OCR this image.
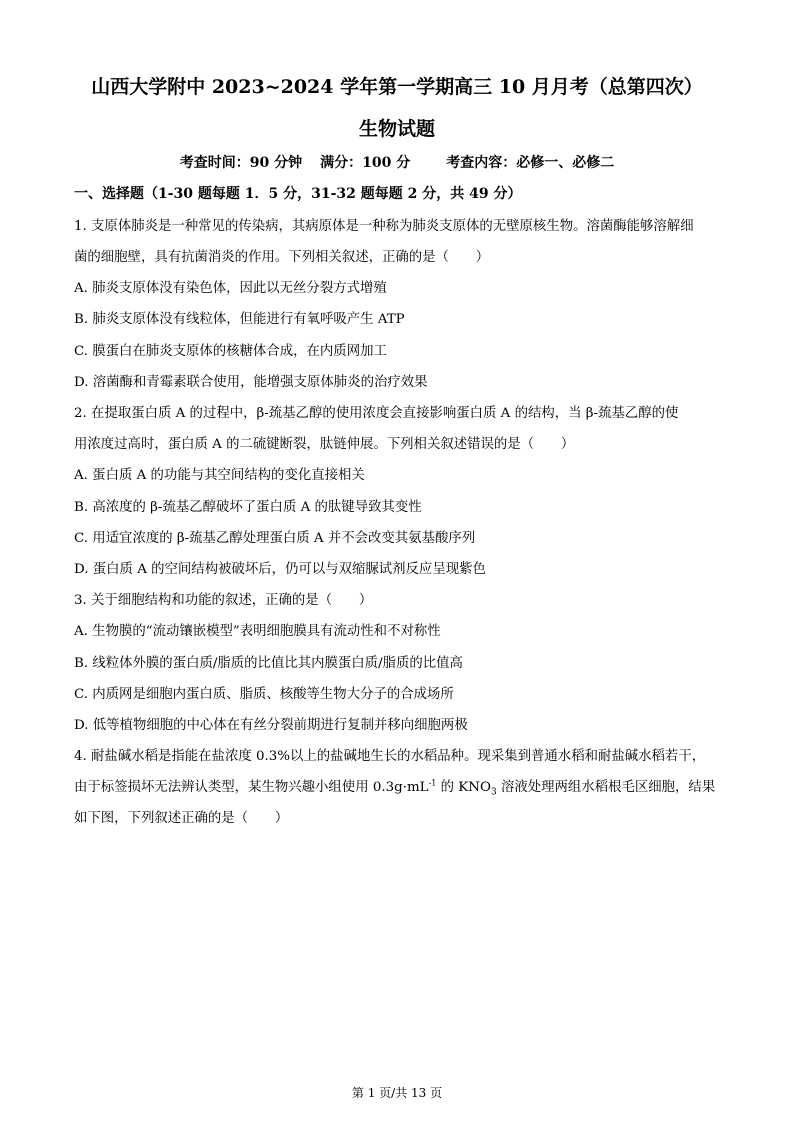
山西大学附中 2023~2024 学年第一学期高三 10 月月考（总第四次）
生物试题
考查时间：90 分钟 满分：100 分	考查内容：必修一、必修二
一、选择题（1-30 题每题 1．5 分，31-32 题每题 2 分，共 49 分）
1. 支原体肺炎是一种常见的传染病，其病原体是一种称为肺炎支原体的无壁原核生物。溶菌酶能够溶解细
菌的细胞壁，具有抗菌消炎的作用。下列相关叙述，正确的是（　　）
A. 肺炎支原体没有染色体，因此以无丝分裂方式增殖
B. 肺炎支原体没有线粒体，但能进行有氧呼吸产生 ATP
C. 膜蛋白在肺炎支原体的核糖体合成，在内质网加工
D. 溶菌酶和青霉素联合使用，能增强支原体肺炎的治疗效果
2. 在提取蛋白质 A 的过程中，β-巯基乙醇的使用浓度会直接影响蛋白质 A 的结构，当 β-巯基乙醇的使
用浓度过高时，蛋白质 A 的二硫键断裂，肽链伸展。下列相关叙述错误的是（　　）
A. 蛋白质 A 的功能与其空间结构的变化直接相关
B. 高浓度的 β-巯基乙醇破坏了蛋白质 A 的肽键导致其变性
C. 用适宜浓度的 β-巯基乙醇处理蛋白质 A 并不会改变其氨基酸序列
D. 蛋白质 A 的空间结构被破坏后，仍可以与双缩脲试剂反应呈现紫色
3. 关于细胞结构和功能的叙述，正确的是（　　）
A. 生物膜的“流动镶嵌模型”表明细胞膜具有流动性和不对称性
B. 线粒体外膜的蛋白质/脂质的比值比其内膜蛋白质/脂质的比值高
C. 内质网是细胞内蛋白质、脂质、核酸等生物大分子的合成场所
D. 低等植物细胞的中心体在有丝分裂前期进行复制并移向细胞两极
4. 耐盐碱水稻是指能在盐浓度 0.3%以上的盐碱地生长的水稻品种。现采集到普通水稻和耐盐碱水稻若干，
由于标签损坏无法辨认类型，某生物兴趣小组使用 $0.3g\cdot mL^{-1}$ 的 $KNO_3$ 溶液处理两组水稻根毛区细胞，结果
如下图，下列叙述正确的是（　　）
第 1 页/共 13 页
